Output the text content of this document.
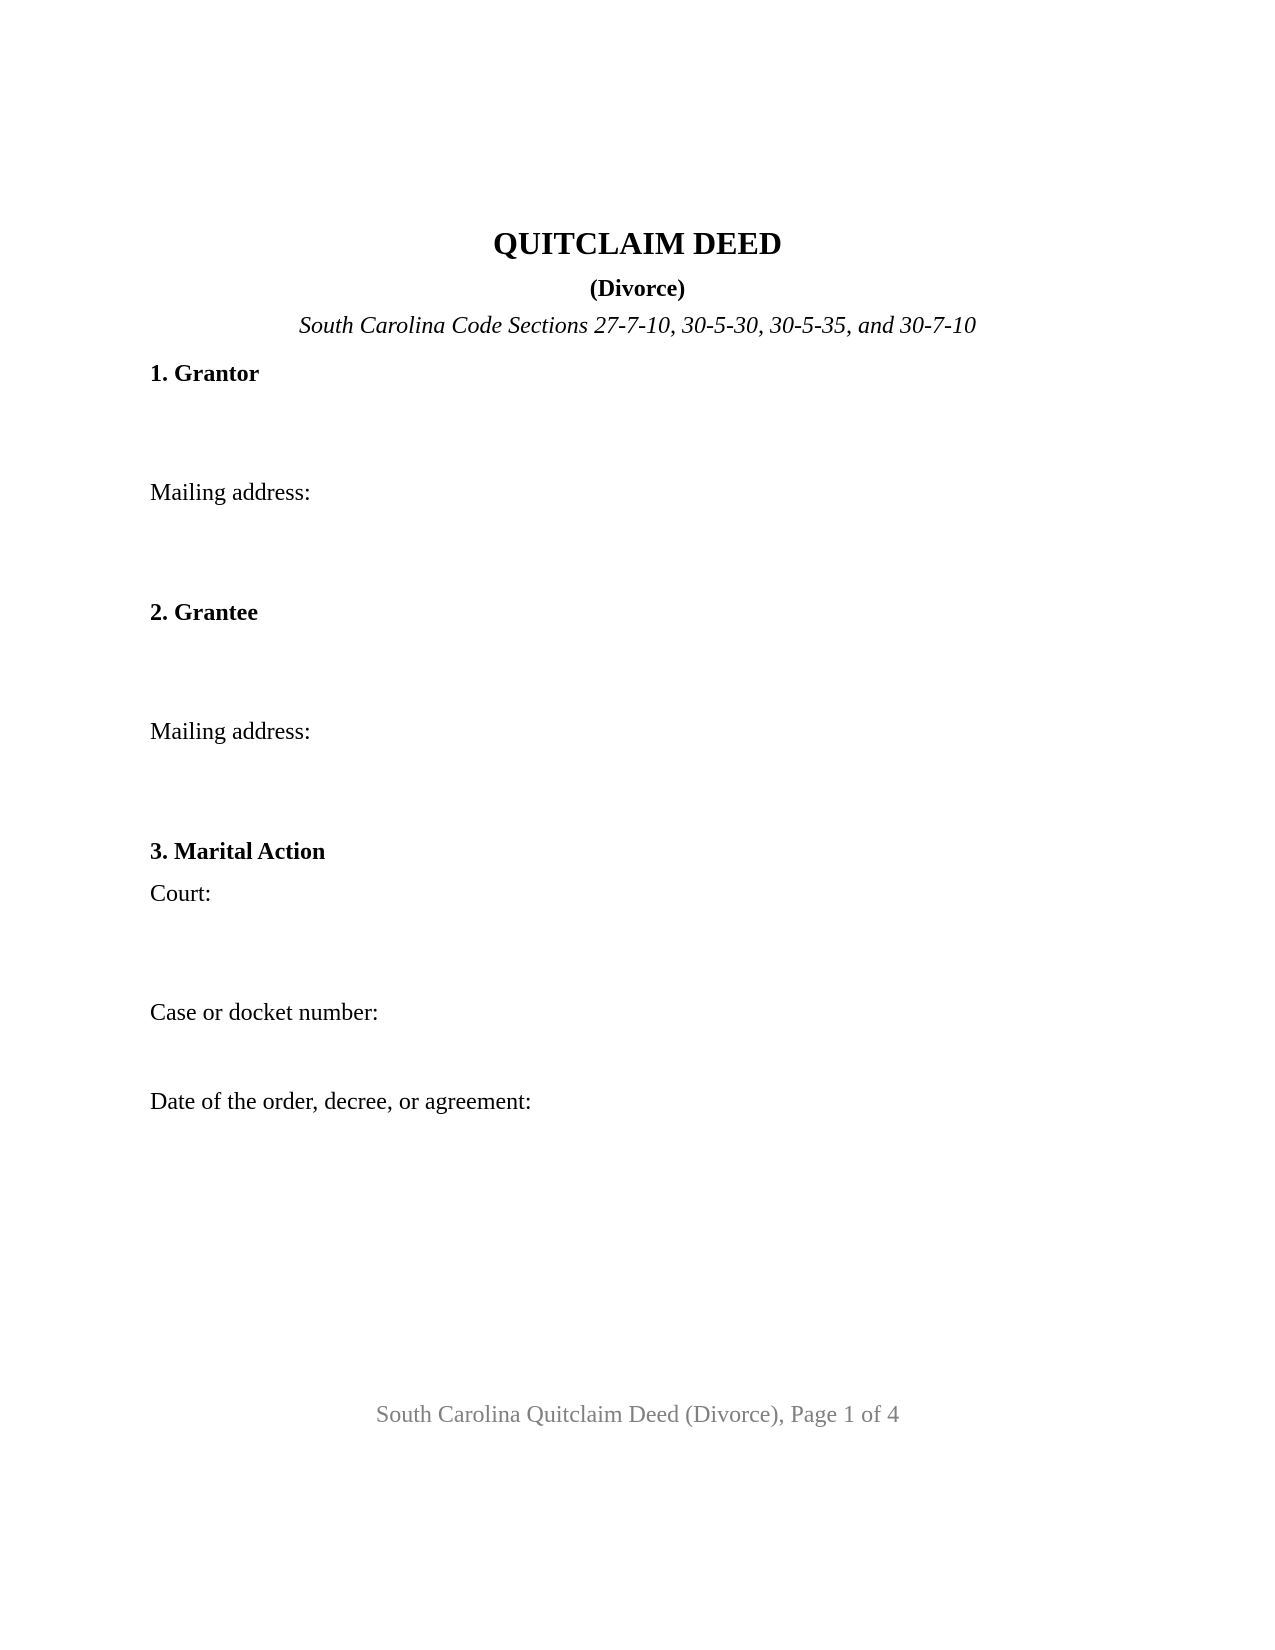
QUITCLAIM DEED
(Divorce)
South Carolina Code Sections 27-7-10, 30-5-30, 30-5-35, and 30-7-10
1. Grantor
Mailing address:
2. Grantee
Mailing address:
3. Marital Action
Court:
Case or docket number:
Date of the order, decree, or agreement:
South Carolina Quitclaim Deed (Divorce), Page 1 of 4
